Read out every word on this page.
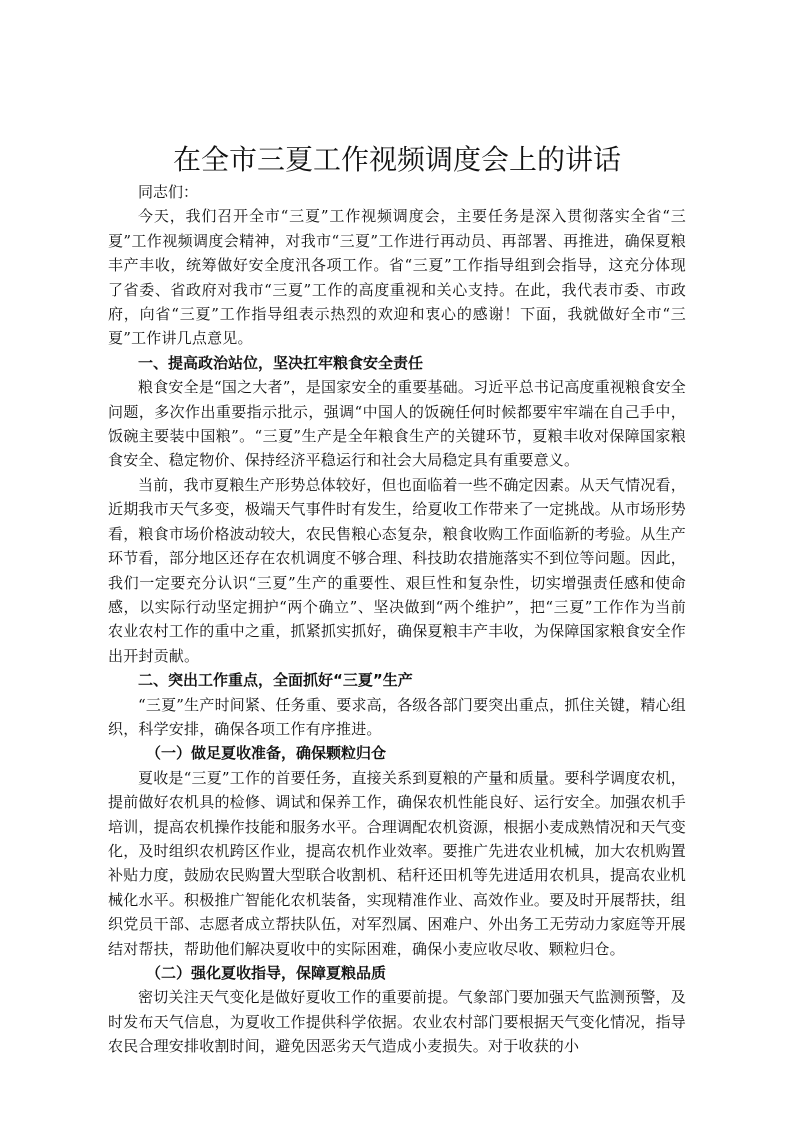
在全市三夏工作视频调度会上的讲话
同志们：

今天，我们召开全市“三夏”工作视频调度会，主要任务是深入贯彻落实全省“三夏”工作视频调度会精神，对我市“三夏”工作进行再动员、再部署、再推进，确保夏粮丰产丰收，统筹做好安全度汛各项工作。省“三夏”工作指导组到会指导，这充分体现了省委、省政府对我市“三夏”工作的高度重视和关心支持。在此，我代表市委、市政府，向省“三夏”工作指导组表示热烈的欢迎和衷心的感谢！下面，我就做好全市“三夏”工作讲几点意见。

一、提高政治站位，坚决扛牢粮食安全责任

粮食安全是“国之大者”，是国家安全的重要基础。习近平总书记高度重视粮食安全问题，多次作出重要指示批示，强调“中国人的饭碗任何时候都要牢牢端在自己手中，饭碗主要装中国粮”。“三夏”生产是全年粮食生产的关键环节，夏粮丰收对保障国家粮食安全、稳定物价、保持经济平稳运行和社会大局稳定具有重要意义。

当前，我市夏粮生产形势总体较好，但也面临着一些不确定因素。从天气情况看，近期我市天气多变，极端天气事件时有发生，给夏收工作带来了一定挑战。从市场形势看，粮食市场价格波动较大，农民售粮心态复杂，粮食收购工作面临新的考验。从生产环节看，部分地区还存在农机调度不够合理、科技助农措施落实不到位等问题。因此，我们一定要充分认识“三夏”生产的重要性、艰巨性和复杂性，切实增强责任感和使命感，以实际行动坚定拥护“两个确立”、坚决做到“两个维护”，把“三夏”工作作为当前农业农村工作的重中之重，抓紧抓实抓好，确保夏粮丰产丰收，为保障国家粮食安全作出开封贡献。

二、突出工作重点，全面抓好“三夏”生产

“三夏”生产时间紧、任务重、要求高，各级各部门要突出重点，抓住关键，精心组织，科学安排，确保各项工作有序推进。

（一）做足夏收准备，确保颗粒归仓

夏收是“三夏”工作的首要任务，直接关系到夏粮的产量和质量。要科学调度农机，提前做好农机具的检修、调试和保养工作，确保农机性能良好、运行安全。加强农机手培训，提高农机操作技能和服务水平。合理调配农机资源，根据小麦成熟情况和天气变化，及时组织农机跨区作业，提高农机作业效率。要推广先进农业机械，加大农机购置补贴力度，鼓励农民购置大型联合收割机、秸秆还田机等先进适用农机具，提高农业机械化水平。积极推广智能化农机装备，实现精准作业、高效作业。要及时开展帮扶，组织党员干部、志愿者成立帮扶队伍，对军烈属、困难户、外出务工无劳动力家庭等开展结对帮扶，帮助他们解决夏收中的实际困难，确保小麦应收尽收、颗粒归仓。

（二）强化夏收指导，保障夏粮品质

密切关注天气变化是做好夏收工作的重要前提。气象部门要加强天气监测预警，及时发布天气信息，为夏收工作提供科学依据。农业农村部门要根据天气变化情况，指导农民合理安排收割时间，避免因恶劣天气造成小麦损失。对于收获的小
